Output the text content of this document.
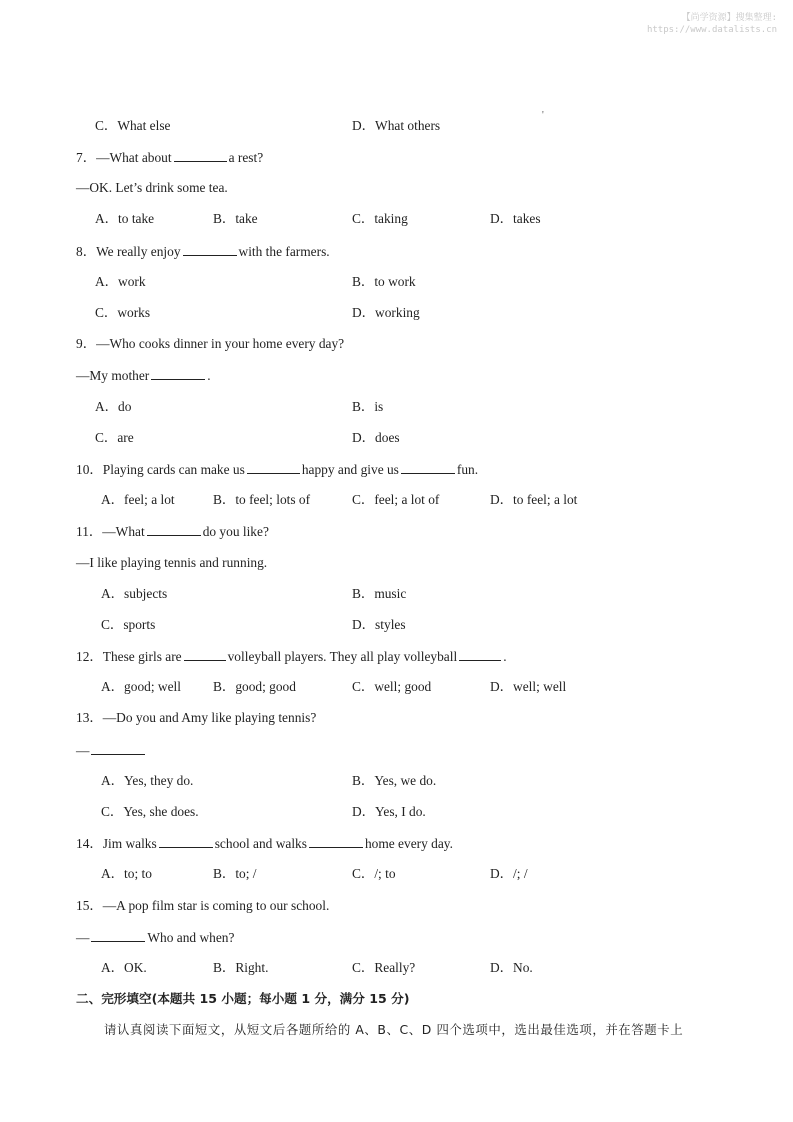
【尚学资源】搜集整理:
https://www.datalists.cn
'
C．What else	D．What others
7．—What about	a rest?
—OK. Let’s drink some tea.
A．to take	B．take	C．taking	D．takes
8．We really enjoy	with the farmers.
A．work	B．to work
C．works	D．working
9．—Who cooks dinner in your home every day?
—My mother	.
A．do	B．is
C．are	D．does
10．Playing cards can make us	happy and give us	fun.
A．feel; a lot	B．to feel; lots of	C．feel; a lot of	D．to feel; a lot
11．—What	do you like?
—I like playing tennis and running.
A．subjects	B．music
C．sports	D．styles
12．These girls are	volleyball players. They all play volleyball	.
A．good; well B．good; good	C．well; good	D．well; well
13．—Do you and Amy like playing tennis?
—
A．Yes, they do.	B．Yes, we do.
C．Yes, she does.	D．Yes, I do.
14．Jim walks	school and walks	home every day.
A．to; to	B．to; /	C．/; to	D．/; /
15．—A pop film star is coming to our school.
—	Who and when?
A．OK.	B．Right.	C．Really?	D．No.
二、完形填空(本题共 15 小题；每小题 1 分，满分 15 分)
请认真阅读下面短文，从短文后各题所给的 A、B、C、D 四个选项中，选出最佳选项，并在答题卡上
